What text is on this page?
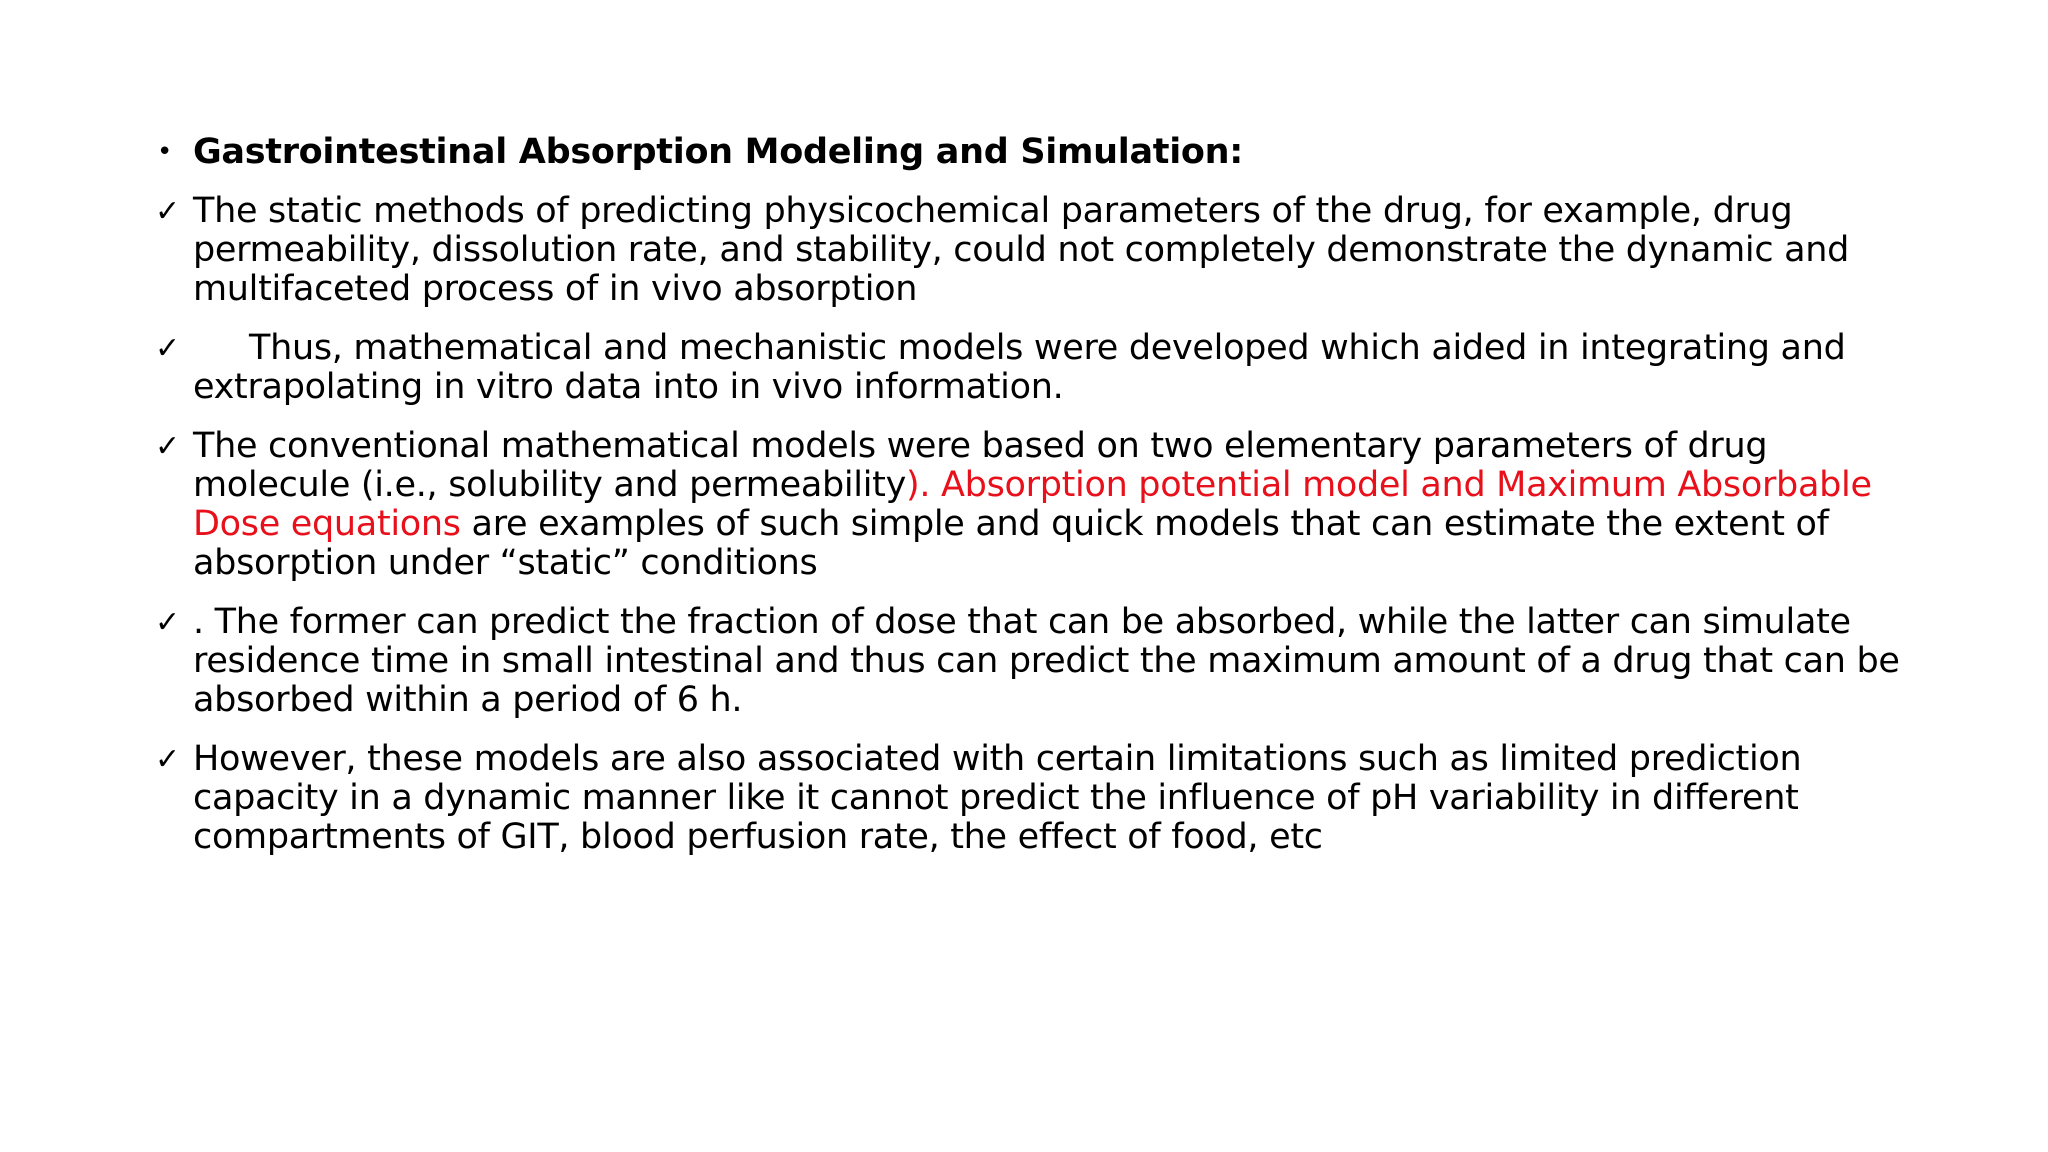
• Gastrointestinal Absorption Modeling and Simulation:
✓ The static methods of predicting physicochemical parameters of the drug, for example, drug permeability, dissolution rate, and stability, could not completely demonstrate the dynamic and multifaceted process of in vivo absorption
✓ Thus, mathematical and mechanistic models were developed which aided in integrating and extrapolating in vitro data into in vivo information.
✓ The conventional mathematical models were based on two elementary parameters of drug molecule (i.e., solubility and permeability). Absorption potential model and Maximum Absorbable Dose equations are examples of such simple and quick models that can estimate the extent of absorption under “static” conditions
✓ . The former can predict the fraction of dose that can be absorbed, while the latter can simulate residence time in small intestinal and thus can predict the maximum amount of a drug that can be absorbed within a period of 6 h.
✓ However, these models are also associated with certain limitations such as limited prediction capacity in a dynamic manner like it cannot predict the influence of pH variability in different compartments of GIT, blood perfusion rate, the effect of food, etc
